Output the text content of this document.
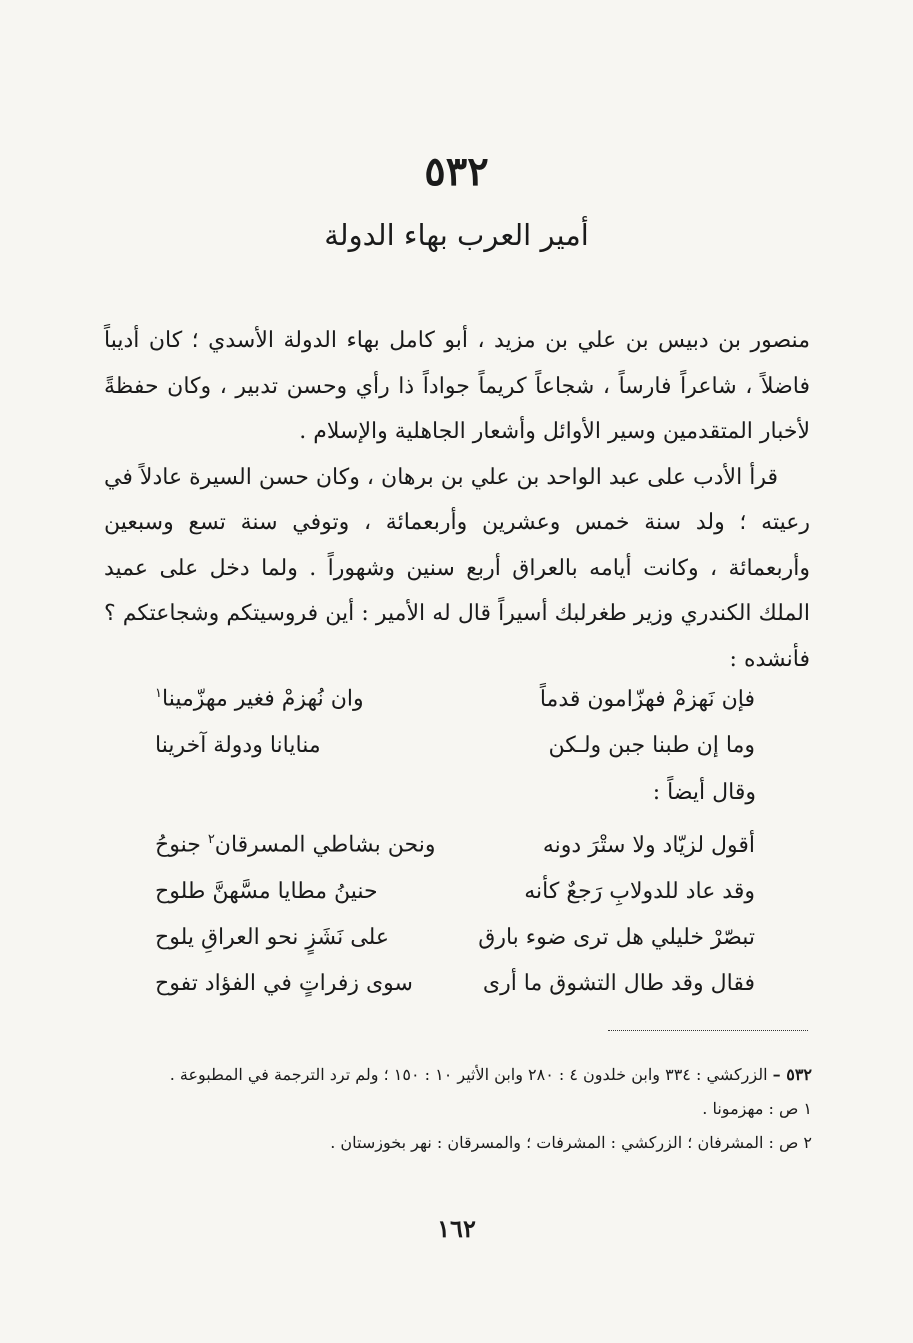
٥٣٢
أمير العرب بهاء الدولة

منصور بن دبيس بن علي بن مزيد ، أبو كامل بهاء الدولة الأسدي ؛ كان أديباً فاضلاً ، شاعراً فارساً ، شجاعاً كريماً جواداً ذا رأي وحسن تدبير ، وكان حفظةً لأخبار المتقدمين وسير الأوائل وأشعار الجاهلية والإسلام .

قرأ الأدب على عبد الواحد بن علي بن برهان ، وكان حسن السيرة عادلاً في رعيته ؛ ولد سنة خمس وعشرين وأربعمائة ، وتوفي سنة تسع وسبعين وأربعمائة ، وكانت أيامه بالعراق أربع سنين وشهوراً . ولما دخل على عميد الملك الكندري وزير طغرلبك أسيراً قال له الأمير : أين فروسيتكم وشجاعتكم ؟ فأنشده :

فإن نَهزمْ فهزّامون قدماً
وان نُهزمْ فغير مهزّمينا$^١$
وما إن طبنا جبن ولـكن
منايانا ودولة آخرينا
وقال أيضاً :
أقول لزيّاد ولا ستْرَ دونه
ونحن بشاطي المسرقان$^٢$ جنوحُ
وقد عاد للدولابِ رَجعٌ كأنه
حنينُ مطايا مسَّهنَّ طلوح
تبصّرْ خليلي هل ترى ضوء بارق
على نَشَزٍ نحو العراقِ يلوح
فقال وقد طال التشوق ما أرى
سوى زفراتٍ في الفؤاد تفوح

٥٣٢ – الزركشي : ٣٣٤ وابن خلدون ٤ : ٢٨٠ وابن الأثير ١٠ : ١٥٠ ؛ ولم ترد الترجمة في المطبوعة .

١ ص : مهزمونا .

٢ ص : المشرفان ؛ الزركشي : المشرفات ؛ والمسرقان : نهر بخوزستان .

١٦٢
